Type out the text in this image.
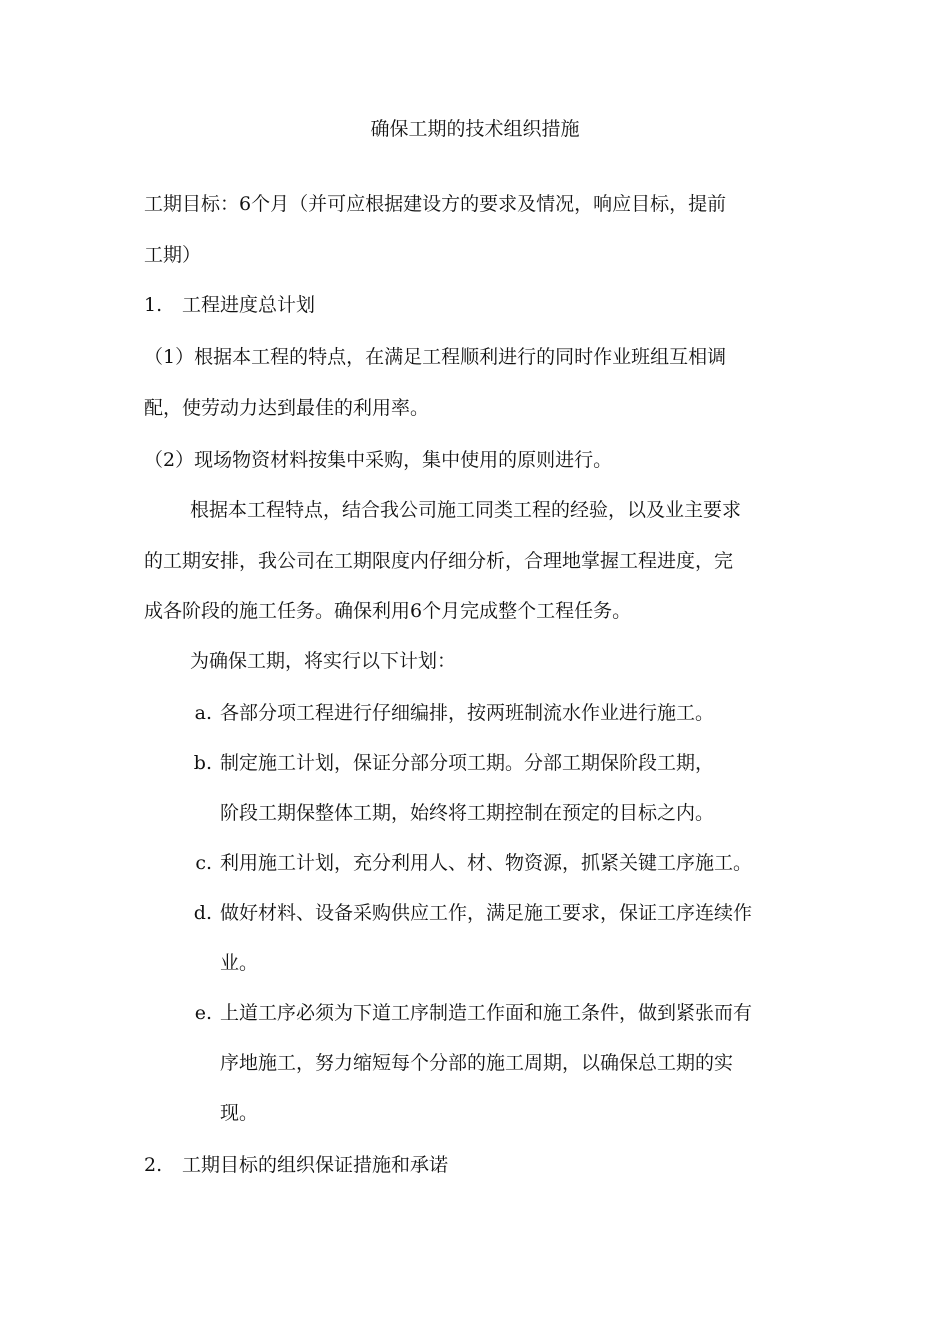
确保工期的技术组织措施
工期目标：6个月（并可应根据建设方的要求及情况，响应目标，提前
工期）
1. 工程进度总计划
（1）根据本工程的特点，在满足工程顺利进行的同时作业班组互相调
配，使劳动力达到最佳的利用率。
（2）现场物资材料按集中采购，集中使用的原则进行。
根据本工程特点，结合我公司施工同类工程的经验，以及业主要求
的工期安排，我公司在工期限度内仔细分析，合理地掌握工程进度，完
成各阶段的施工任务。确保利用6个月完成整个工程任务。
为确保工期，将实行以下计划：
a. 各部分项工程进行仔细编排，按两班制流水作业进行施工。
b. 制定施工计划，保证分部分项工期。分部工期保阶段工期，
阶段工期保整体工期，始终将工期控制在预定的目标之内。
c. 利用施工计划，充分利用人、材、物资源，抓紧关键工序施工。
d. 做好材料、设备采购供应工作，满足施工要求，保证工序连续作
业。
e. 上道工序必须为下道工序制造工作面和施工条件，做到紧张而有
序地施工，努力缩短每个分部的施工周期，以确保总工期的实
现。
2. 工期目标的组织保证措施和承诺
